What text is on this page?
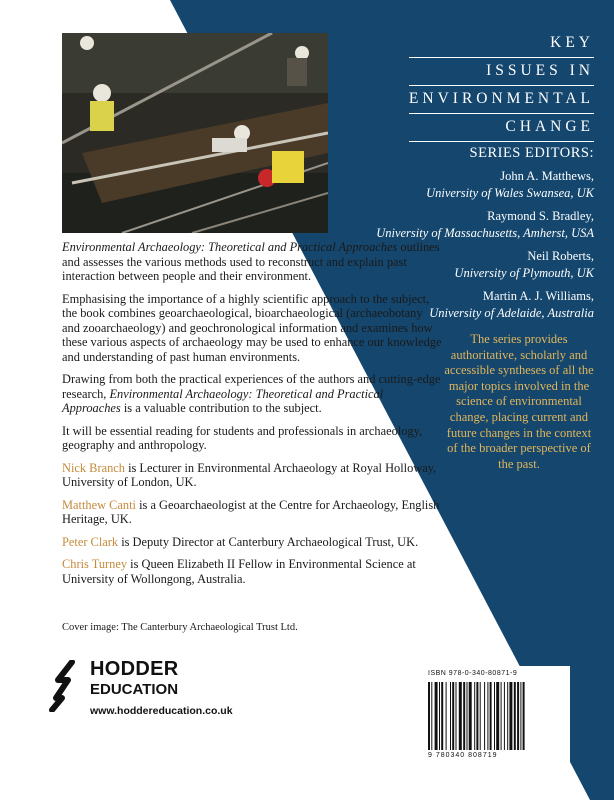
KEY
ISSUES IN
ENVIRONMENTAL
CHANGE
SERIES EDITORS:
John A. Matthews,
University of Wales Swansea, UK
Raymond S. Bradley,
University of Massachusetts, Amherst, USA
Neil Roberts,
University of Plymouth, UK
Martin A. J. Williams,
University of Adelaide, Australia
The series provides authoritative, scholarly and accessible syntheses of all the major topics involved in the science of environmental change, placing current and future changes in the context of the broader perspective of the past.

Environmental Archaeology: Theoretical and Practical Approaches outlines and assesses the various methods used to reconstruct and explain past interaction between people and their environment.

Emphasising the importance of a highly scientific approach to the subject, the book combines geoarchaeological, bioarchaeological (archaeobotany and zooarchaeology) and geochronological information and examines how these various aspects of archaeology may be used to enhance our knowledge and understanding of past human environments.

Drawing from both the practical experiences of the authors and cutting-edge research, Environmental Archaeology: Theoretical and Practical Approaches is a valuable contribution to the subject.

It will be essential reading for students and professionals in archaeology, geography and anthropology.

Nick Branch is Lecturer in Environmental Archaeology at Royal Holloway, University of London, UK.

Matthew Canti is a Geoarchaeologist at the Centre for Archaeology, English Heritage, UK.

Peter Clark is Deputy Director at Canterbury Archaeological Trust, UK.

Chris Turney is Queen Elizabeth II Fellow in Environmental Science at University of Wollongong, Australia.

Cover image: The Canterbury Archaeological Trust Ltd.
HODDER
EDUCATION
www.hoddereducation.co.uk
ISBN 978-0-340-80871-9
9 780340 808719
